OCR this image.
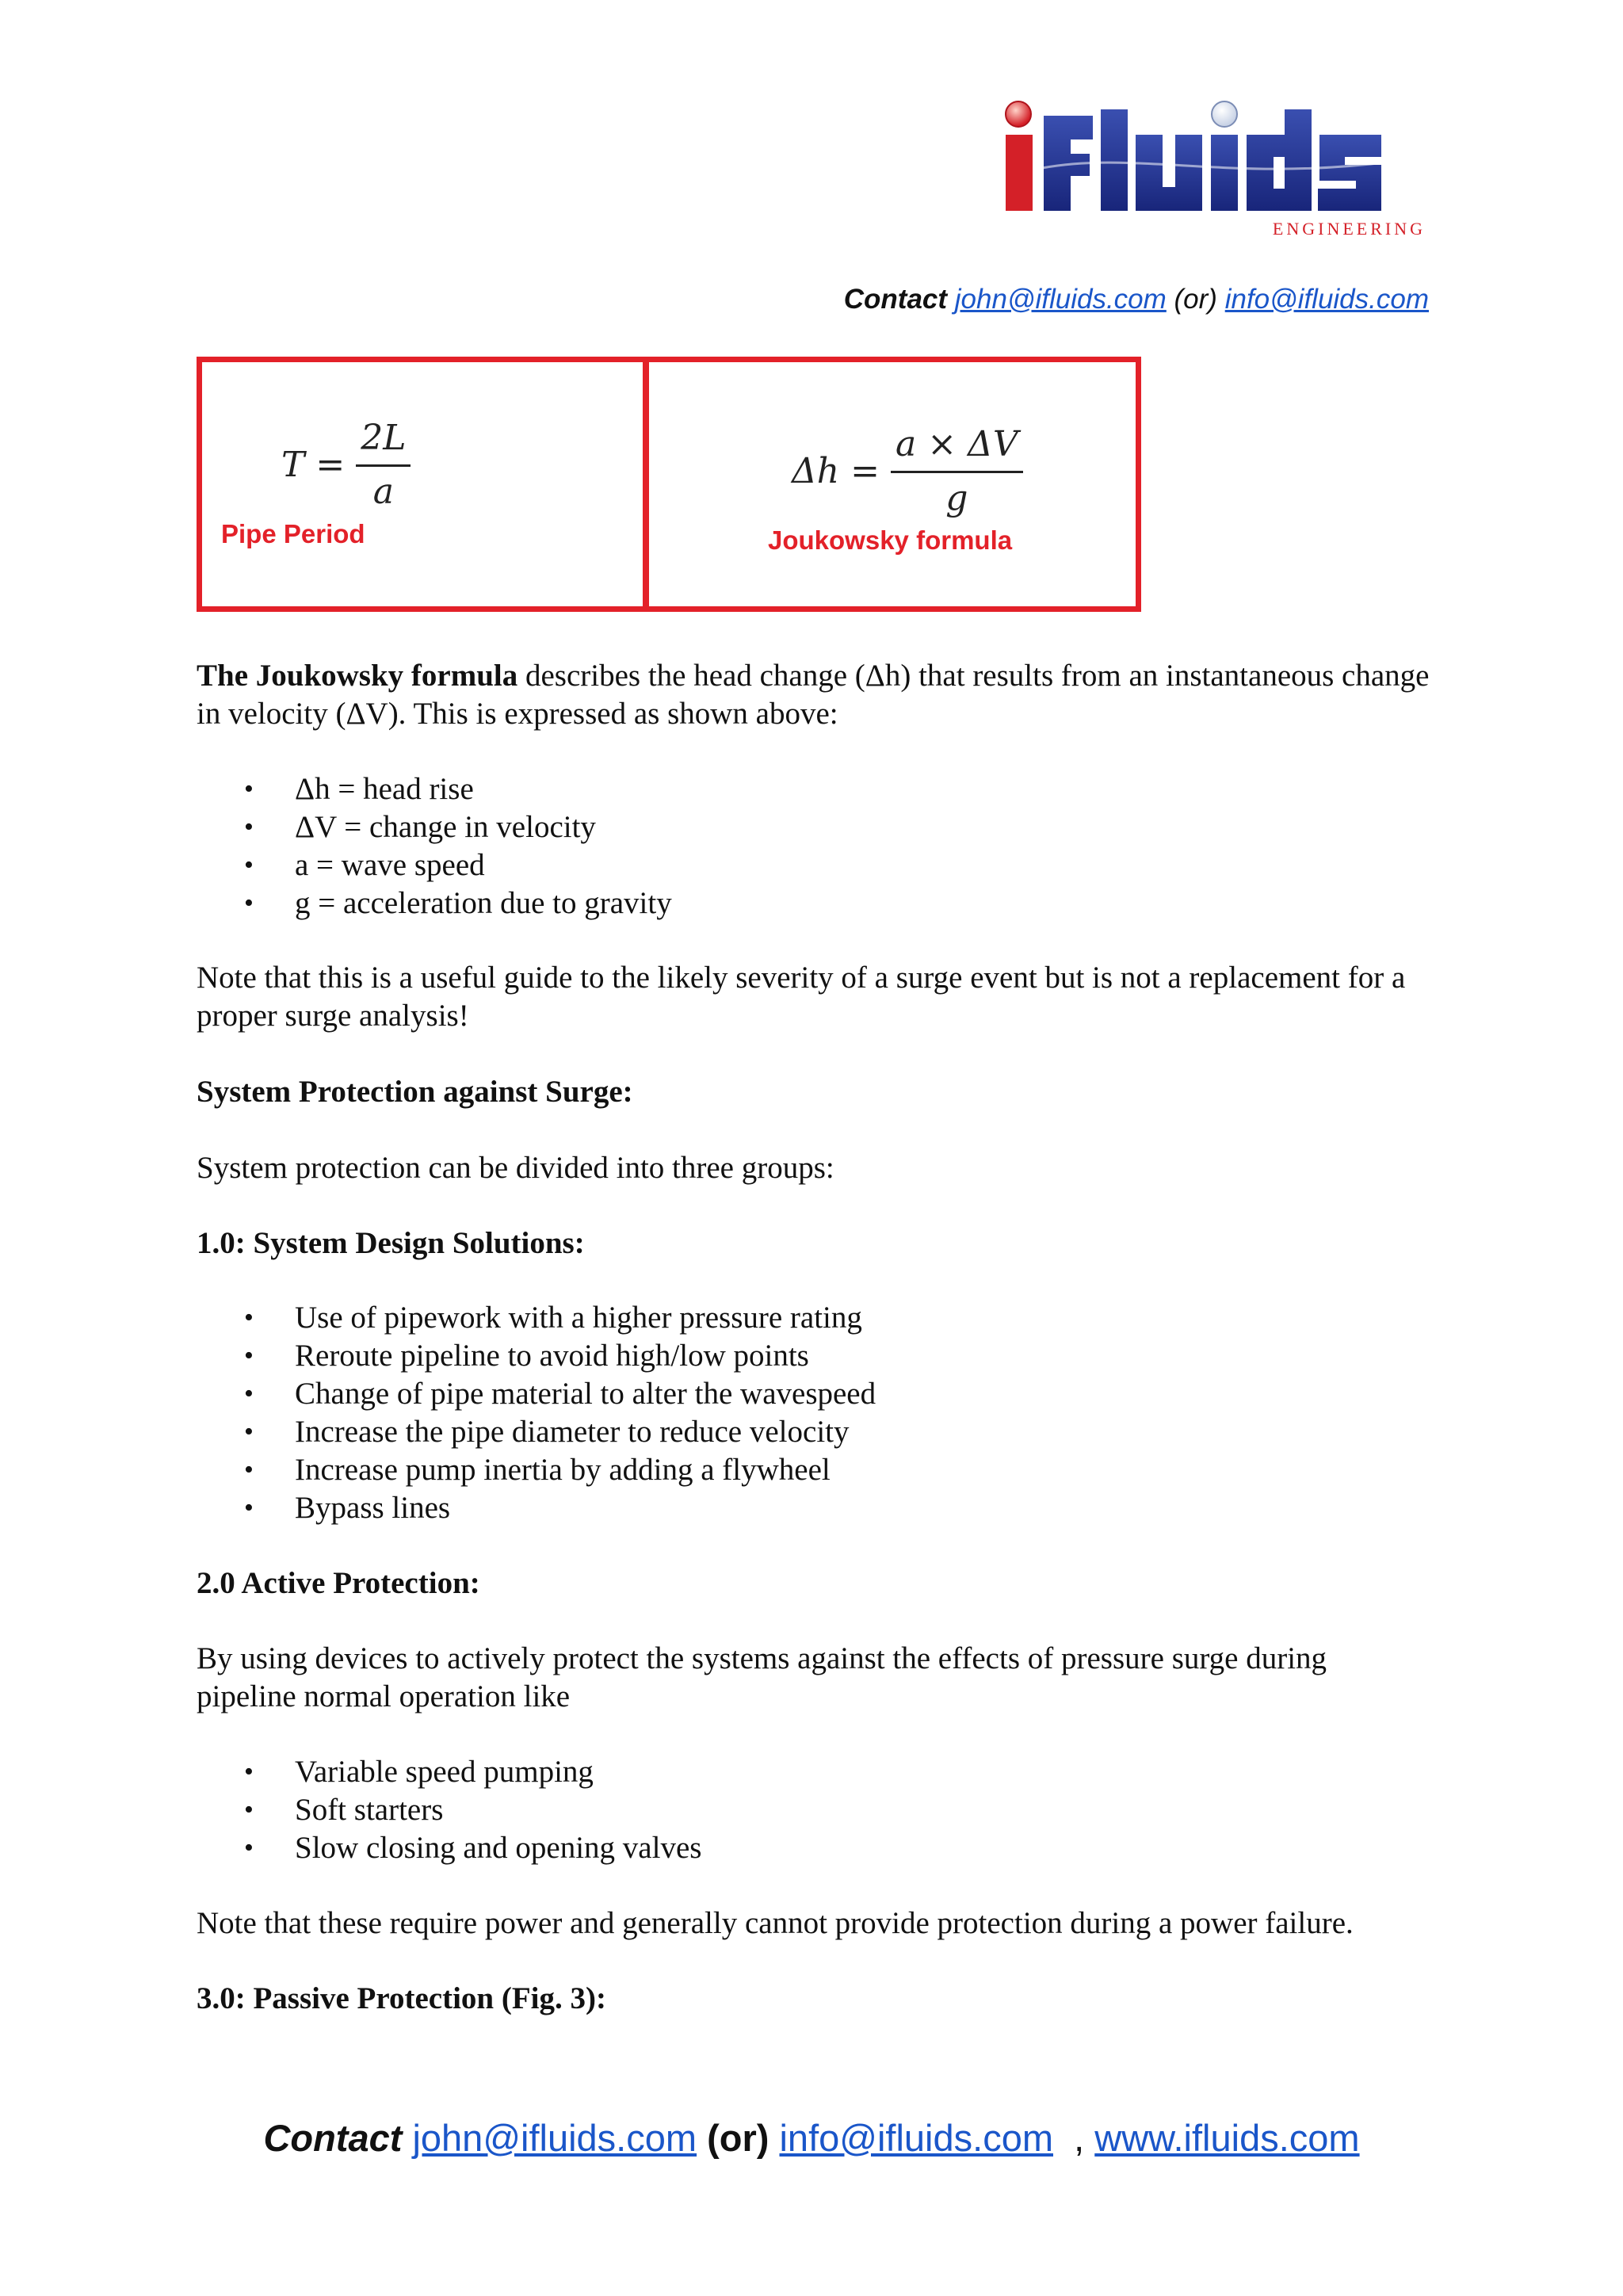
ENGINEERING
Contact john@ifluids.com (or) info@ifluids.com
$T = \frac{2L}{a}$
Pipe Period
$\Delta h = \frac{a \times \Delta V}{g}$
Joukowsky formula

The Joukowsky formula describes the head change (Δh) that results from an instantaneous change in velocity (ΔV). This is expressed as shown above:

• Δh = head rise
• ΔV = change in velocity
• a = wave speed
• g = acceleration due to gravity

Note that this is a useful guide to the likely severity of a surge event but is not a replacement for a proper surge analysis!

System Protection against Surge:

System protection can be divided into three groups:

1.0: System Design Solutions:

• Use of pipework with a higher pressure rating
• Reroute pipeline to avoid high/low points
• Change of pipe material to alter the wavespeed
• Increase the pipe diameter to reduce velocity
• Increase pump inertia by adding a flywheel
• Bypass lines

2.0 Active Protection:

By using devices to actively protect the systems against the effects of pressure surge during pipeline normal operation like

• Variable speed pumping
• Soft starters
• Slow closing and opening valves

Note that these require power and generally cannot provide protection during a power failure.

3.0: Passive Protection (Fig. 3):

Contact john@ifluids.com (or) info@ifluids.com , www.ifluids.com
